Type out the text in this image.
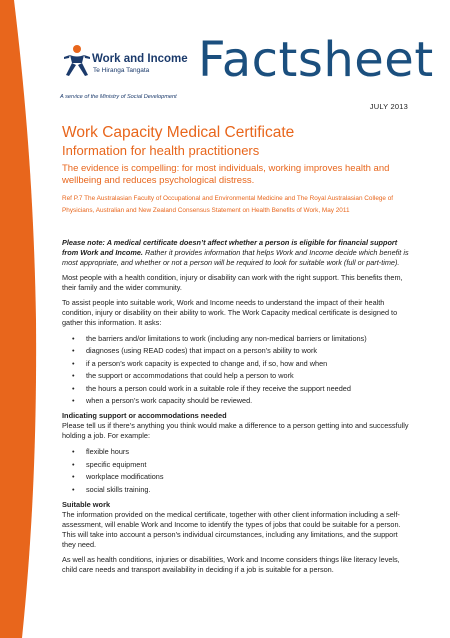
Work and Income
Te Hiranga Tangata
A service of the Ministry of Social Development
Factsheet
JULY 2013
Work Capacity Medical Certificate
Information for health practitioners
The evidence is compelling: for most individuals, working improves health and wellbeing and reduces psychological distress.
Ref P.7 The Australasian Faculty of Occupational and Environmental Medicine and The Royal Australasian College of Physicians, Australian and New Zealand Consensus Statement on Health Benefits of Work, May 2011

Please note: A medical certificate doesn’t affect whether a person is eligible for financial support from Work and Income. Rather it provides information that helps Work and Income decide which benefit is most appropriate, and whether or not a person will be required to look for suitable work (full or part-time).

Most people with a health condition, injury or disability can work with the right support. This benefits them, their family and the wider community.

To assist people into suitable work, Work and Income needs to understand the impact of their health condition, injury or disability on their ability to work. The Work Capacity medical certificate is designed to gather this information. It asks:

• the barriers and/or limitations to work (including any non-medical barriers or limitations)
• diagnoses (using READ codes) that impact on a person’s ability to work
• if a person’s work capacity is expected to change and, if so, how and when
• the support or accommodations that could help a person to work
• the hours a person could work in a suitable role if they receive the support needed
• when a person’s work capacity should be reviewed.
Indicating support or accommodations needed

Please tell us if there’s anything you think would make a difference to a person getting into and successfully holding a job. For example:

• flexible hours
• specific equipment
• workplace modifications
• social skills training.
Suitable work

The information provided on the medical certificate, together with other client information including a self-assessment, will enable Work and Income to identify the types of jobs that could be suitable for a person. This will take into account a person’s individual circumstances, including any limitations, and the support they need.

As well as health conditions, injuries or disabilities, Work and Income considers things like literacy levels, child care needs and transport availability in deciding if a job is suitable for a person.
